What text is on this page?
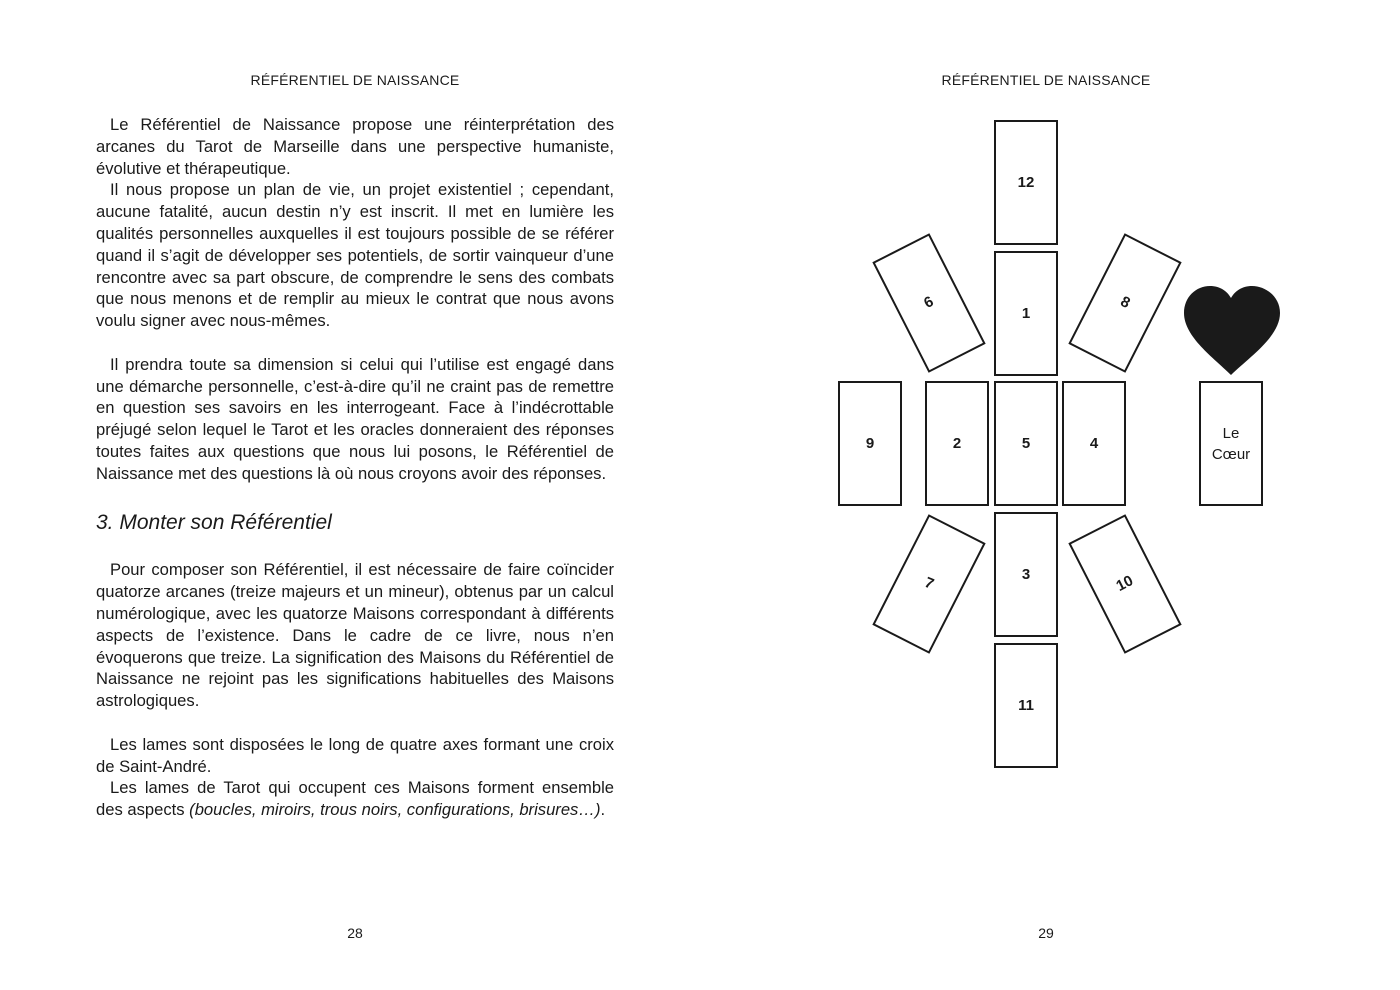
RÉFÉRENTIEL DE NAISSANCE

Le Référentiel de Naissance propose une réinterprétation des arcanes du Tarot de Marseille dans une perspective humaniste, évolutive et thérapeutique.

Il nous propose un plan de vie, un projet existentiel ; cependant, aucune fatalité, aucun destin n’y est inscrit. Il met en lumière les qualités personnelles auxquelles il est toujours possible de se référer quand il s’agit de développer ses potentiels, de sortir vainqueur d’une rencontre avec sa part obscure, de comprendre le sens des combats que nous menons et de remplir au mieux le contrat que nous avons voulu signer avec nous-mêmes.

Il prendra toute sa dimension si celui qui l’utilise est engagé dans une démarche personnelle, c’est-à-dire qu’il ne craint pas de remettre en question ses savoirs en les interrogeant. Face à l’indécrottable préjugé selon lequel le Tarot et les oracles donneraient des réponses toutes faites aux questions que nous lui posons, le Référentiel de Naissance met des questions là où nous croyons avoir des réponses.

3. Monter son Référentiel

Pour composer son Référentiel, il est nécessaire de faire coïncider quatorze arcanes (treize majeurs et un mineur), obtenus par un calcul numérologique, avec les quatorze Maisons correspondant à différents aspects de l’existence. Dans le cadre de ce livre, nous n’en évoquerons que treize. La signification des Maisons du Référentiel de Naissance ne rejoint pas les significations habituelles des Maisons astrologiques.

Les lames sont disposées le long de quatre axes formant une croix de Saint-André.

Les lames de Tarot qui occupent ces Maisons forment ensemble des aspects (boucles, miroirs, trous noirs, configurations, brisures…).

28
RÉFÉRENTIEL DE NAISSANCE
12
1
6	8
9	2	5	4
3
7	10
11
Le
Cœur
29
